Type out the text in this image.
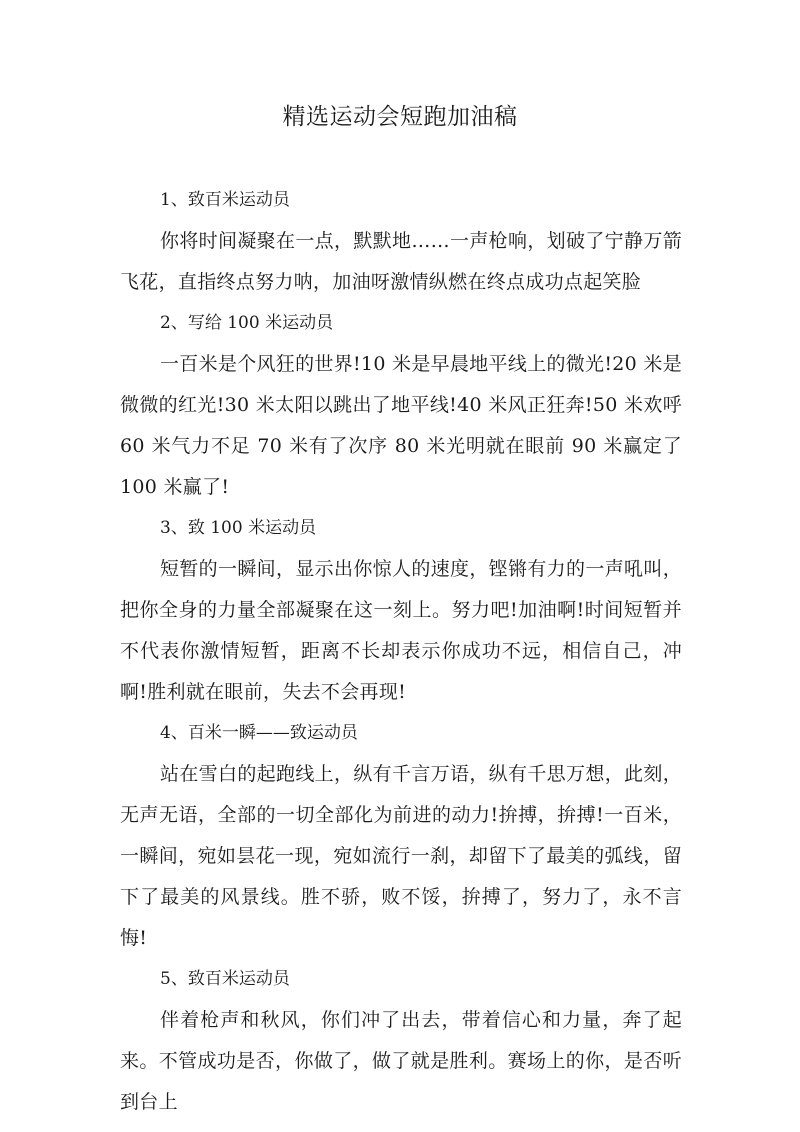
精选运动会短跑加油稿

1、致百米运动员

你将时间凝聚在一点，默默地……一声枪响，划破了宁静万箭飞花，直指终点努力呐，加油呀激情纵燃在终点成功点起笑脸

2、写给 100 米运动员

一百米是个风狂的世界!10 米是早晨地平线上的微光!20 米是微微的红光!30 米太阳以跳出了地平线!40 米风正狂奔!50 米欢呼 60 米气力不足 70 米有了次序 80 米光明就在眼前 90 米赢定了 100 米赢了!

3、致 100 米运动员

短暂的一瞬间，显示出你惊人的速度，铿锵有力的一声吼叫，把你全身的力量全部凝聚在这一刻上。努力吧!加油啊!时间短暂并不代表你激情短暂，距离不长却表示你成功不远，相信自己，冲啊!胜利就在眼前，失去不会再现!

4、百米一瞬——致运动员

站在雪白的起跑线上，纵有千言万语，纵有千思万想，此刻，无声无语，全部的一切全部化为前进的动力!拚搏，拚搏!一百米，一瞬间，宛如昙花一现，宛如流行一刹，却留下了最美的弧线，留下了最美的风景线。胜不骄，败不馁，拚搏了，努力了，永不言悔!

5、致百米运动员

伴着枪声和秋风，你们冲了出去，带着信心和力量，奔了起来。不管成功是否，你做了，做了就是胜利。赛场上的你，是否听到台上
